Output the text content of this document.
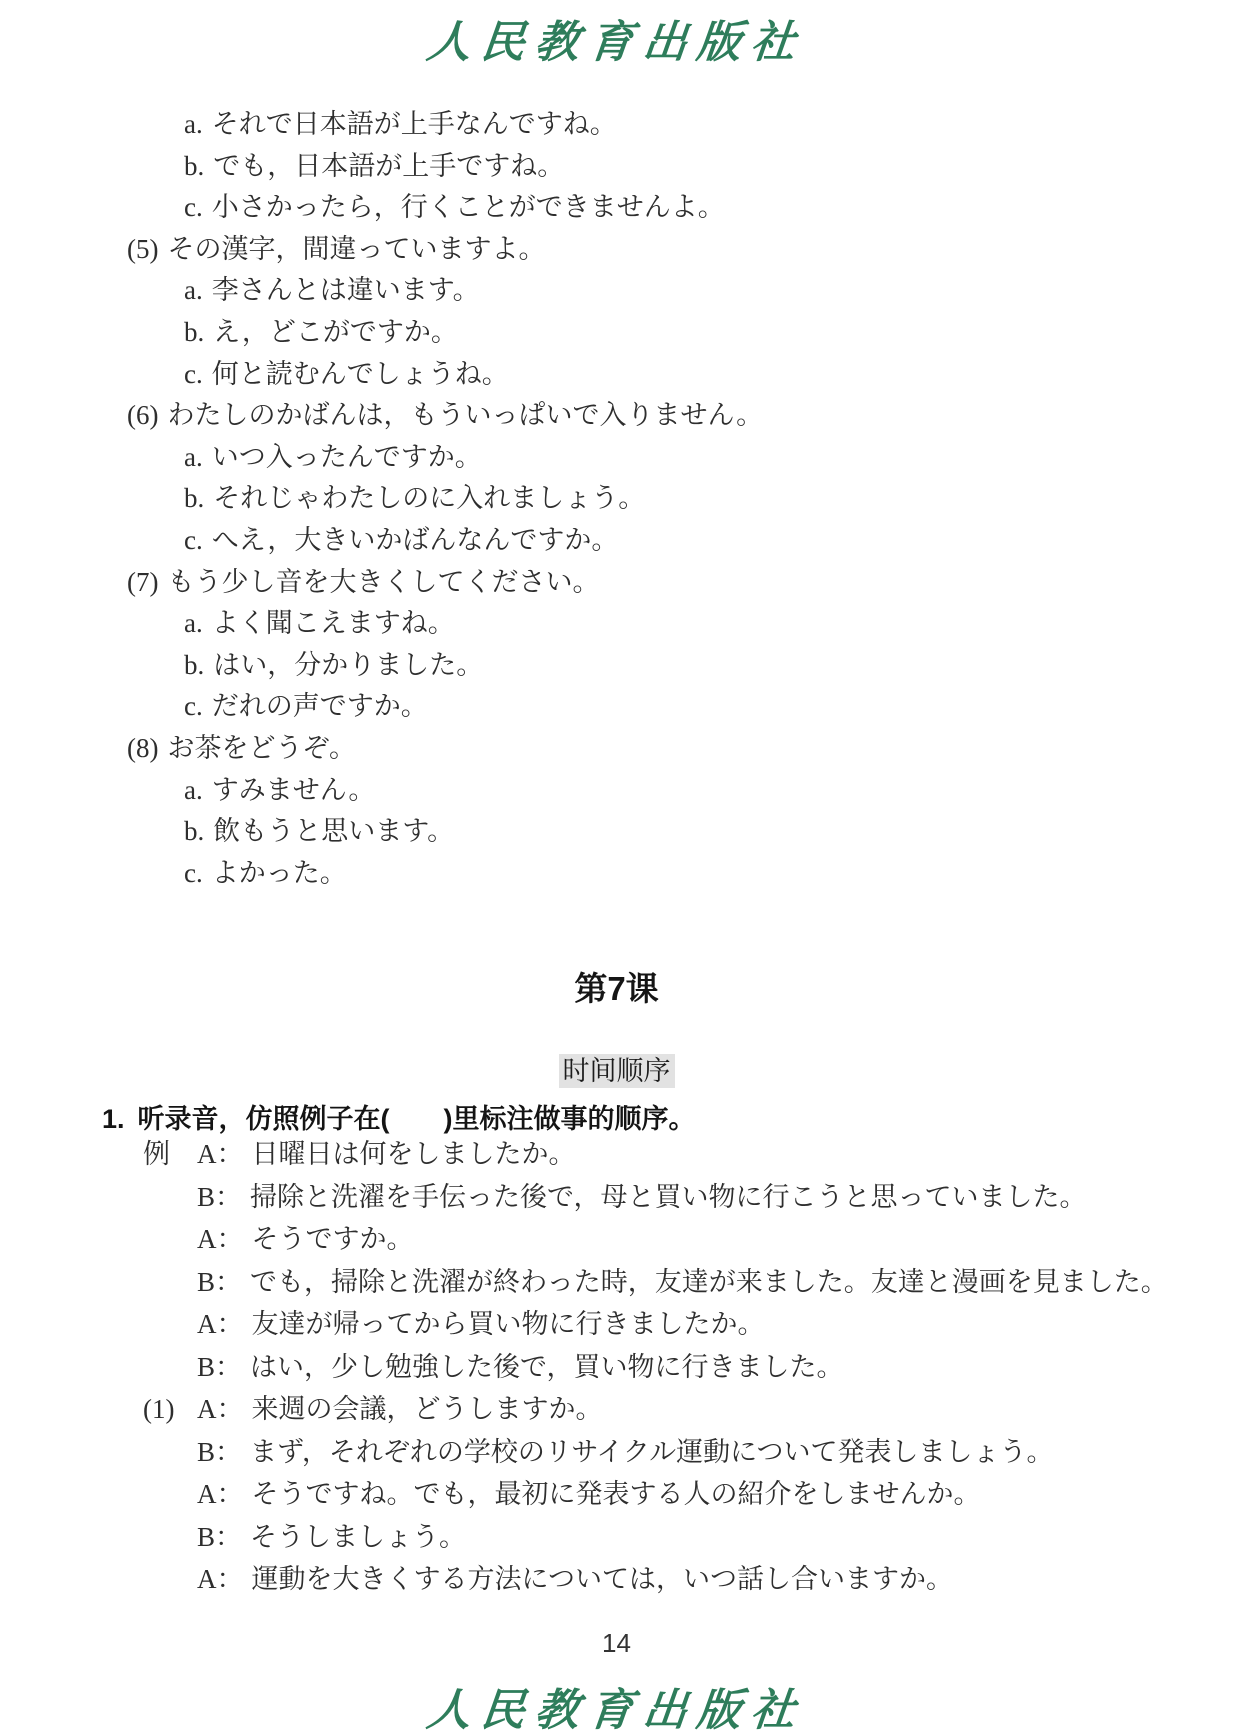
人民教育出版社
a. それで日本語が上手なんですね。
b. でも，日本語が上手ですね。
c. 小さかったら，行くことができませんよ。
(5) その漢字，間違っていますよ。
a. 李さんとは違います。
b. え，どこがですか。
c. 何と読むんでしょうね。
(6) わたしのかばんは，もういっぱいで入りません。
a. いつ入ったんですか。
b. それじゃわたしのに入れましょう。
c. へえ，大きいかばんなんですか。
(7) もう少し音を大きくしてください。
a. よく聞こえますね。
b. はい，分かりました。
c. だれの声ですか。
(8) お茶をどうぞ。
a. すみません。
b. 飲もうと思います。
c. よかった。
第7课
时间顺序
1. 听录音，仿照例子在(　　)里标注做事的顺序。
例 A： 日曜日は何をしましたか。
B： 掃除と洗濯を手伝った後で，母と買い物に行こうと思っていました。
A： そうですか。
B： でも，掃除と洗濯が終わった時，友達が来ました。友達と漫画を見ました。
A： 友達が帰ってから買い物に行きましたか。
B： はい，少し勉強した後で，買い物に行きました。
(1) A： 来週の会議，どうしますか。
B： まず，それぞれの学校のリサイクル運動について発表しましょう。
A： そうですね。でも，最初に発表する人の紹介をしませんか。
B： そうしましょう。
A： 運動を大きくする方法については，いつ話し合いますか。
14
人民教育出版社
